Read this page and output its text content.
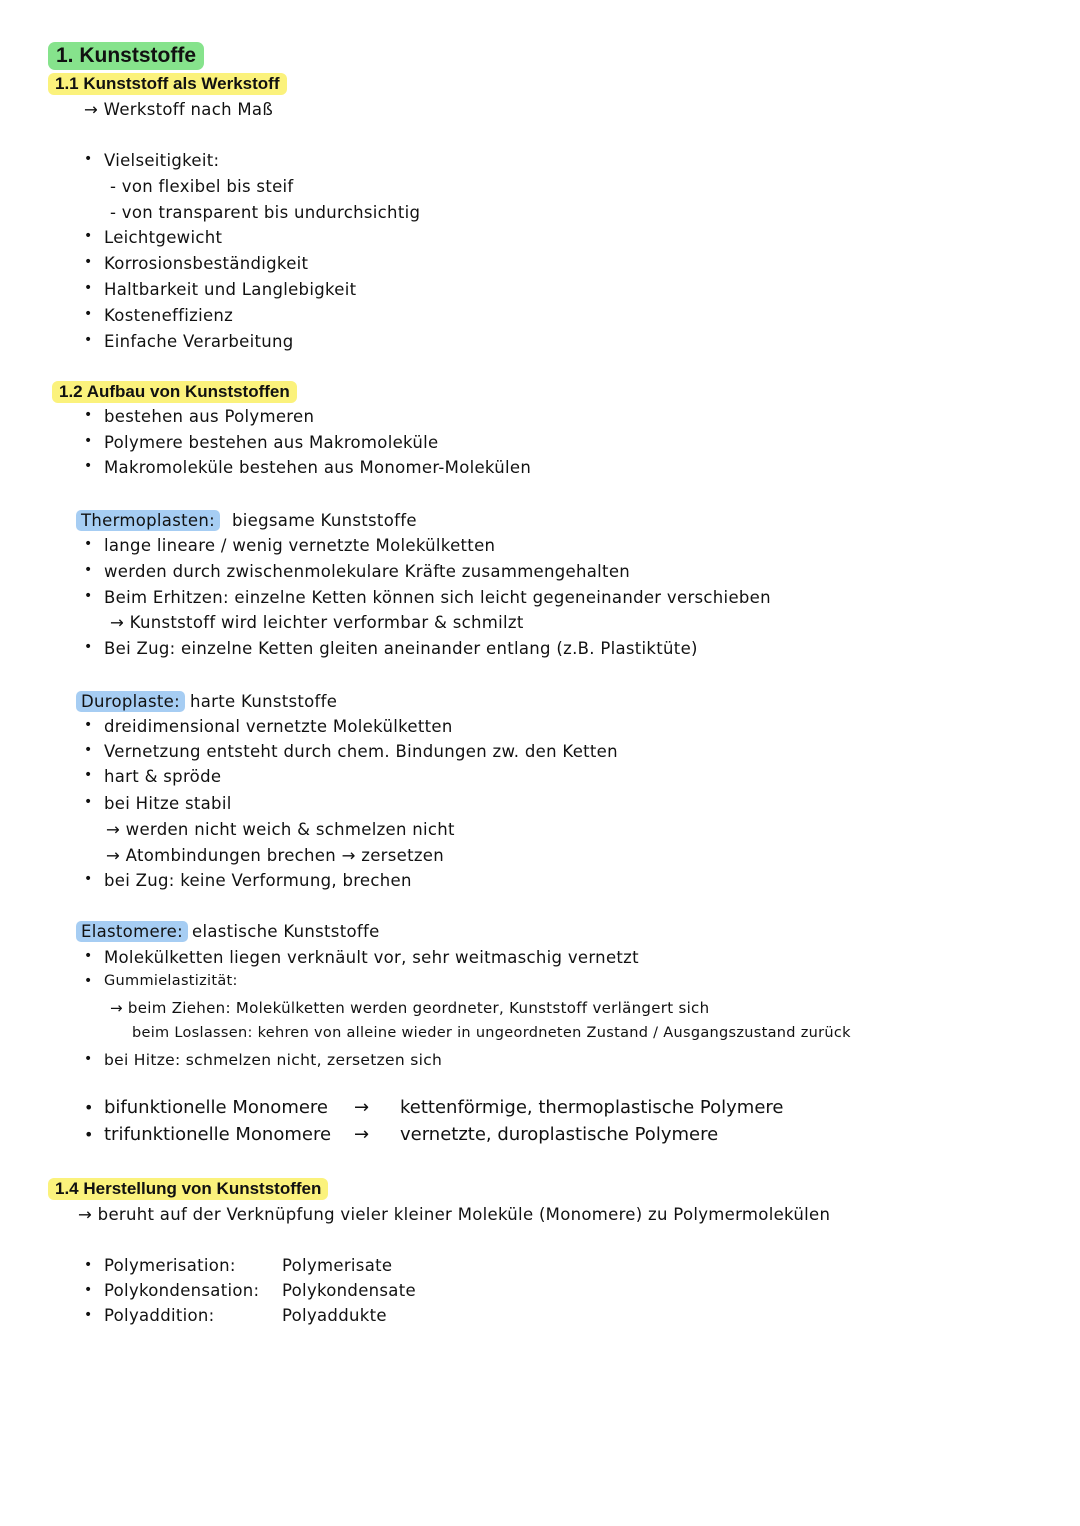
1. Kunststoffe
1.1 Kunststoff als Werkstoff
→ Werkstoff nach Maß
• Vielseitigkeit:
- von flexibel bis steif
- von transparent bis undurchsichtig
• Leichtgewicht
• Korrosionsbeständigkeit
• Haltbarkeit und Langlebigkeit
• Kosteneffizienz
• Einfache Verarbeitung
1.2 Aufbau von Kunststoffen
• bestehen aus Polymeren
• Polymere bestehen aus Makromoleküle
• Makromoleküle bestehen aus Monomer-Molekülen
Thermoplasten:	biegsame Kunststoffe
• lange lineare / wenig vernetzte Molekülketten
• werden durch zwischenmolekulare Kräfte zusammengehalten
• Beim Erhitzen: einzelne Ketten können sich leicht gegeneinander verschieben
→ Kunststoff wird leichter verformbar & schmilzt
• Bei Zug: einzelne Ketten gleiten aneinander entlang (z.B. Plastiktüte)
Duroplaste: harte Kunststoffe
• dreidimensional vernetzte Molekülketten
• Vernetzung entsteht durch chem. Bindungen zw. den Ketten
• hart & spröde
• bei Hitze stabil
→ werden nicht weich & schmelzen nicht
→ Atombindungen brechen → zersetzen
• bei Zug: keine Verformung, brechen
Elastomere: elastische Kunststoffe
• Molekülketten liegen verknäult vor, sehr weitmaschig vernetzt
• Gummielastizität:
→ beim Ziehen: Molekülketten werden geordneter, Kunststoff verlängert sich
beim Loslassen: kehren von alleine wieder in ungeordneten Zustand / Ausgangszustand zurück
• bei Hitze: schmelzen nicht, zersetzen sich
• bifunktionelle Monomere → kettenförmige, thermoplastische Polymere
• trifunktionelle Monomere → vernetzte, duroplastische Polymere
1.4 Herstellung von Kunststoffen
→ beruht auf der Verknüpfung vieler kleiner Moleküle (Monomere) zu Polymermolekülen
• Polymerisation:	Polymerisate
• Polykondensation: Polykondensate
• Polyaddition:	Polyaddukte
